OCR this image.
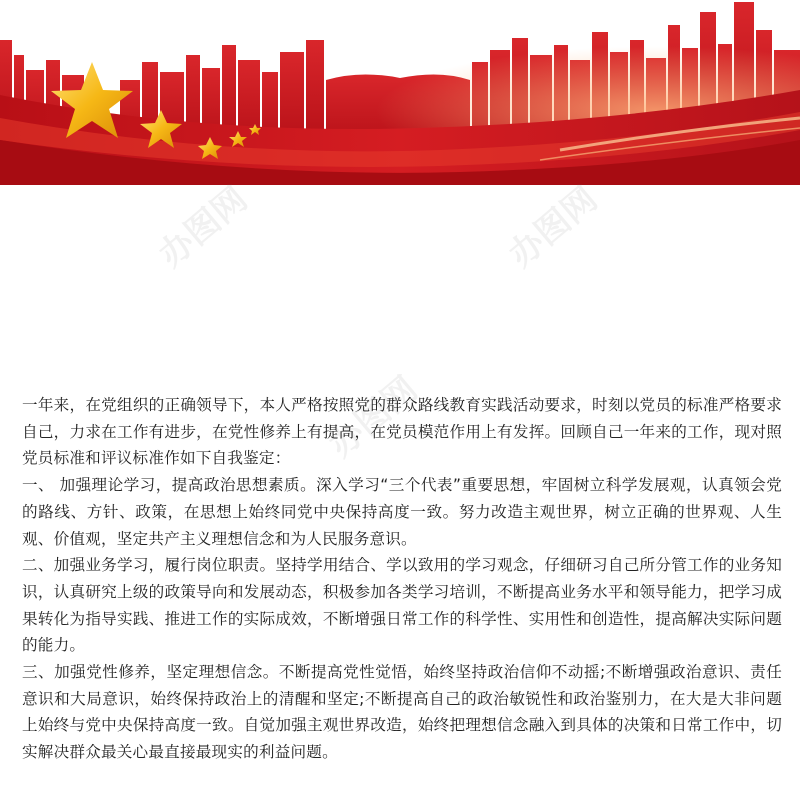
办图网	办图网
办图网

一年来，在党组织的正确领导下，本人严格按照党的群众路线教育实践活动要求，时刻以党员的标准严格要求自己，力求在工作有进步，在党性修养上有提高，在党员模范作用上有发挥。回顾自己一年来的工作，现对照党员标准和评议标准作如下自我鉴定：

一、 加强理论学习，提高政治思想素质。深入学习“三个代表”重要思想，牢固树立科学发展观，认真领会党的路线、方针、政策，在思想上始终同党中央保持高度一致。努力改造主观世界，树立正确的世界观、人生观、价值观，坚定共产主义理想信念和为人民服务意识。

二、加强业务学习，履行岗位职责。坚持学用结合、学以致用的学习观念，仔细研习自己所分管工作的业务知识，认真研究上级的政策导向和发展动态，积极参加各类学习培训，不断提高业务水平和领导能力，把学习成果转化为指导实践、推进工作的实际成效，不断增强日常工作的科学性、实用性和创造性，提高解决实际问题的能力。

三、加强党性修养，坚定理想信念。不断提高党性觉悟，始终坚持政治信仰不动摇;不断增强政治意识、责任意识和大局意识，始终保持政治上的清醒和坚定;不断提高自己的政治敏锐性和政治鉴别力，在大是大非问题上始终与党中央保持高度一致。自觉加强主观世界改造，始终把理想信念融入到具体的决策和日常工作中，切实解决群众最关心最直接最现实的利益问题。
